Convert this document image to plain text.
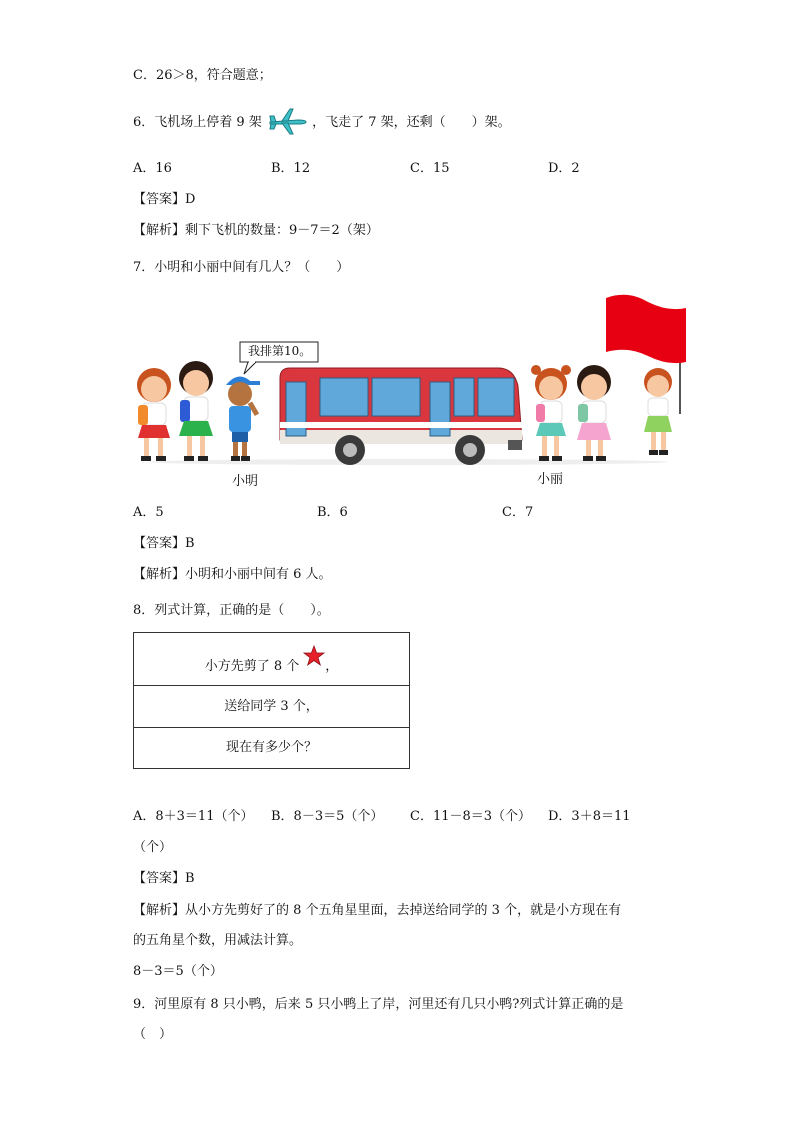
C．26＞8，符合题意；
6．飞机场上停着 9 架	，飞走了 7 架，还剩（　　）架。
A．16	B．12	C．15	D．2
【答案】D
【解析】剩下飞机的数量：9－7＝2（架）
7．小明和小丽中间有几人？（　　）
我排第10。
小明	小丽
A．5	B．6	C．7
【答案】B
【解析】小明和小丽中间有 6 人。
8．列式计算，正确的是（　　）。
小方先剪了 8 个 ，
送给同学 3 个，
现在有多少个？
A．8＋3＝11（个） B．8－3＝5（个） C．11－8＝3（个） D．3＋8＝11
（个）
【答案】B
【解析】从小方先剪好了的 8 个五角星里面，去掉送给同学的 3 个，就是小方现在有
的五角星个数，用减法计算。
8－3＝5（个）
9．河里原有 8 只小鸭，后来 5 只小鸭上了岸，河里还有几只小鸭?列式计算正确的是
（　）
